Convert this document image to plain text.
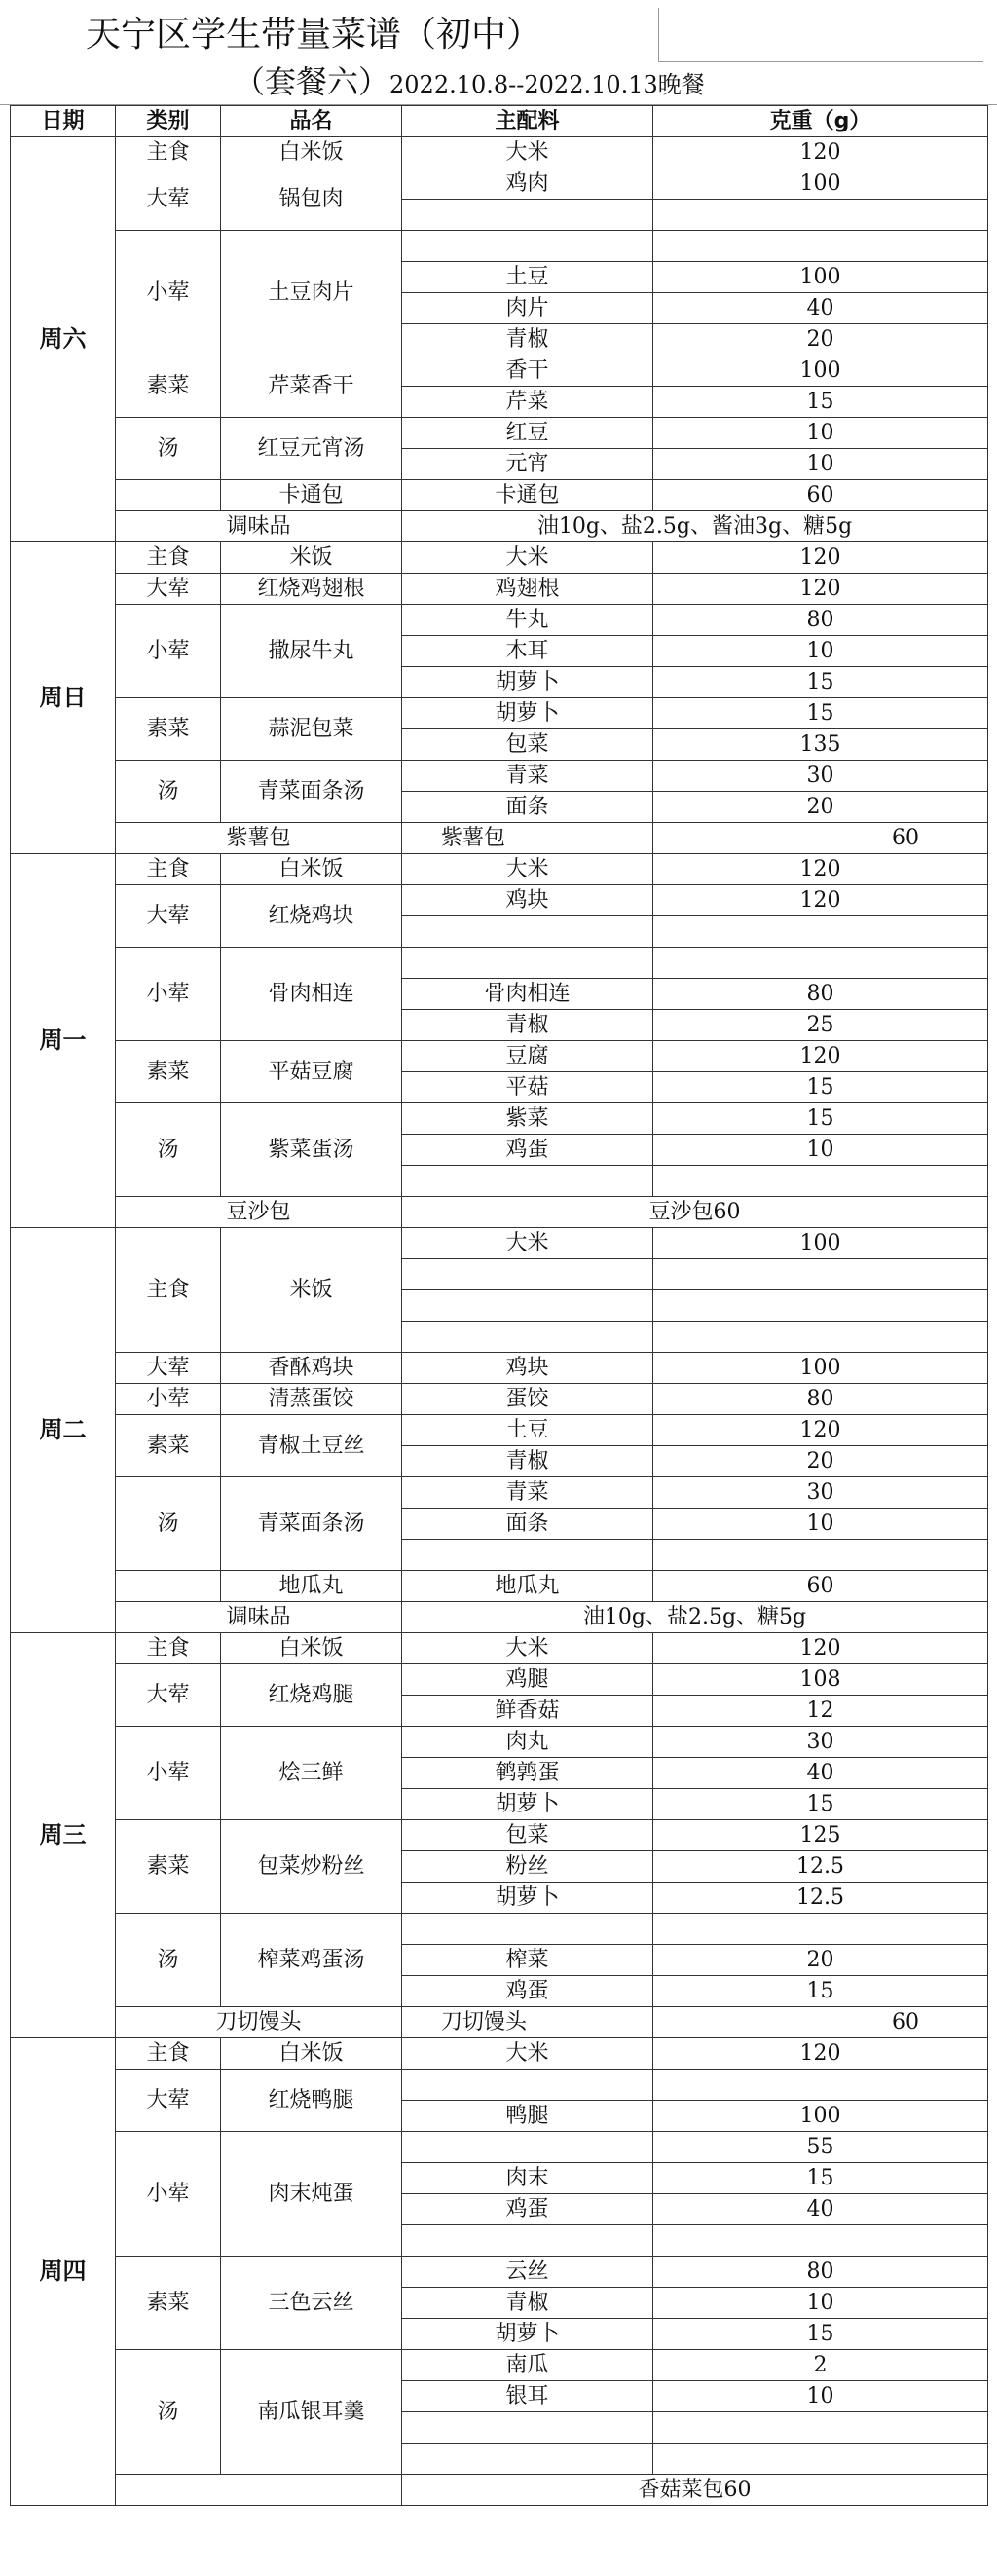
天宁区学生带量菜谱（初中）
（套餐六）2022.10.8--2022.10.13晚餐
日期	类别	品名	主配料	克重（g）
周六	主食	白米饭	大米	120
	大荤	锅包肉	鸡肉	100

	小荤	土豆肉片		
			土豆	100
			肉片	40
			青椒	20
	素菜	芹菜香干	香干	100
			芹菜	15
	汤	红豆元宵汤	红豆	10
			元宵	10
		卡通包	卡通包	60
	调味品		油10g、盐2.5g、酱油3g、糖5g	
周日	主食	米饭	大米	120
	大荤	红烧鸡翅根	鸡翅根	120
	小荤	撒尿牛丸	牛丸	80
			木耳	10
			胡萝卜	15
	素菜	蒜泥包菜	胡萝卜	15
			包菜	135
	汤	青菜面条汤	青菜	30
			面条	20
	紫薯包		紫薯包	60
周一	主食	白米饭	大米	120
	大荤	红烧鸡块	鸡块	120

	小荤	骨肉相连		
			骨肉相连	80
			青椒	25
	素菜	平菇豆腐	豆腐	120
			平菇	15
	汤	紫菜蛋汤	紫菜	15
			鸡蛋	10

	豆沙包		豆沙包60	
周二	主食	米饭	大米	100

	大荤	香酥鸡块	鸡块	100
	小荤	清蒸蛋饺	蛋饺	80
	素菜	青椒土豆丝	土豆	120
			青椒	20
	汤	青菜面条汤	青菜	30
			面条	10

		地瓜丸	地瓜丸	60
	调味品		油10g、盐2.5g、糖5g	
周三	主食	白米饭	大米	120
	大荤	红烧鸡腿	鸡腿	108
			鲜香菇	12
	小荤	烩三鲜	肉丸	30
			鹌鹑蛋	40
			胡萝卜	15
	素菜	包菜炒粉丝	包菜	125
			粉丝	12.5
			胡萝卜	12.5
	汤	榨菜鸡蛋汤		
			榨菜	20
			鸡蛋	15
	刀切馒头		刀切馒头	60
周四	主食	白米饭	大米	120
	大荤	红烧鸭腿		
			鸭腿	100
	小荤	肉末炖蛋		55
			肉末	15
			鸡蛋	40

	素菜	三色云丝	云丝	80
			青椒	10
			胡萝卜	15
	汤	南瓜银耳羹	南瓜	2
			银耳	10

			香菇菜包60	
